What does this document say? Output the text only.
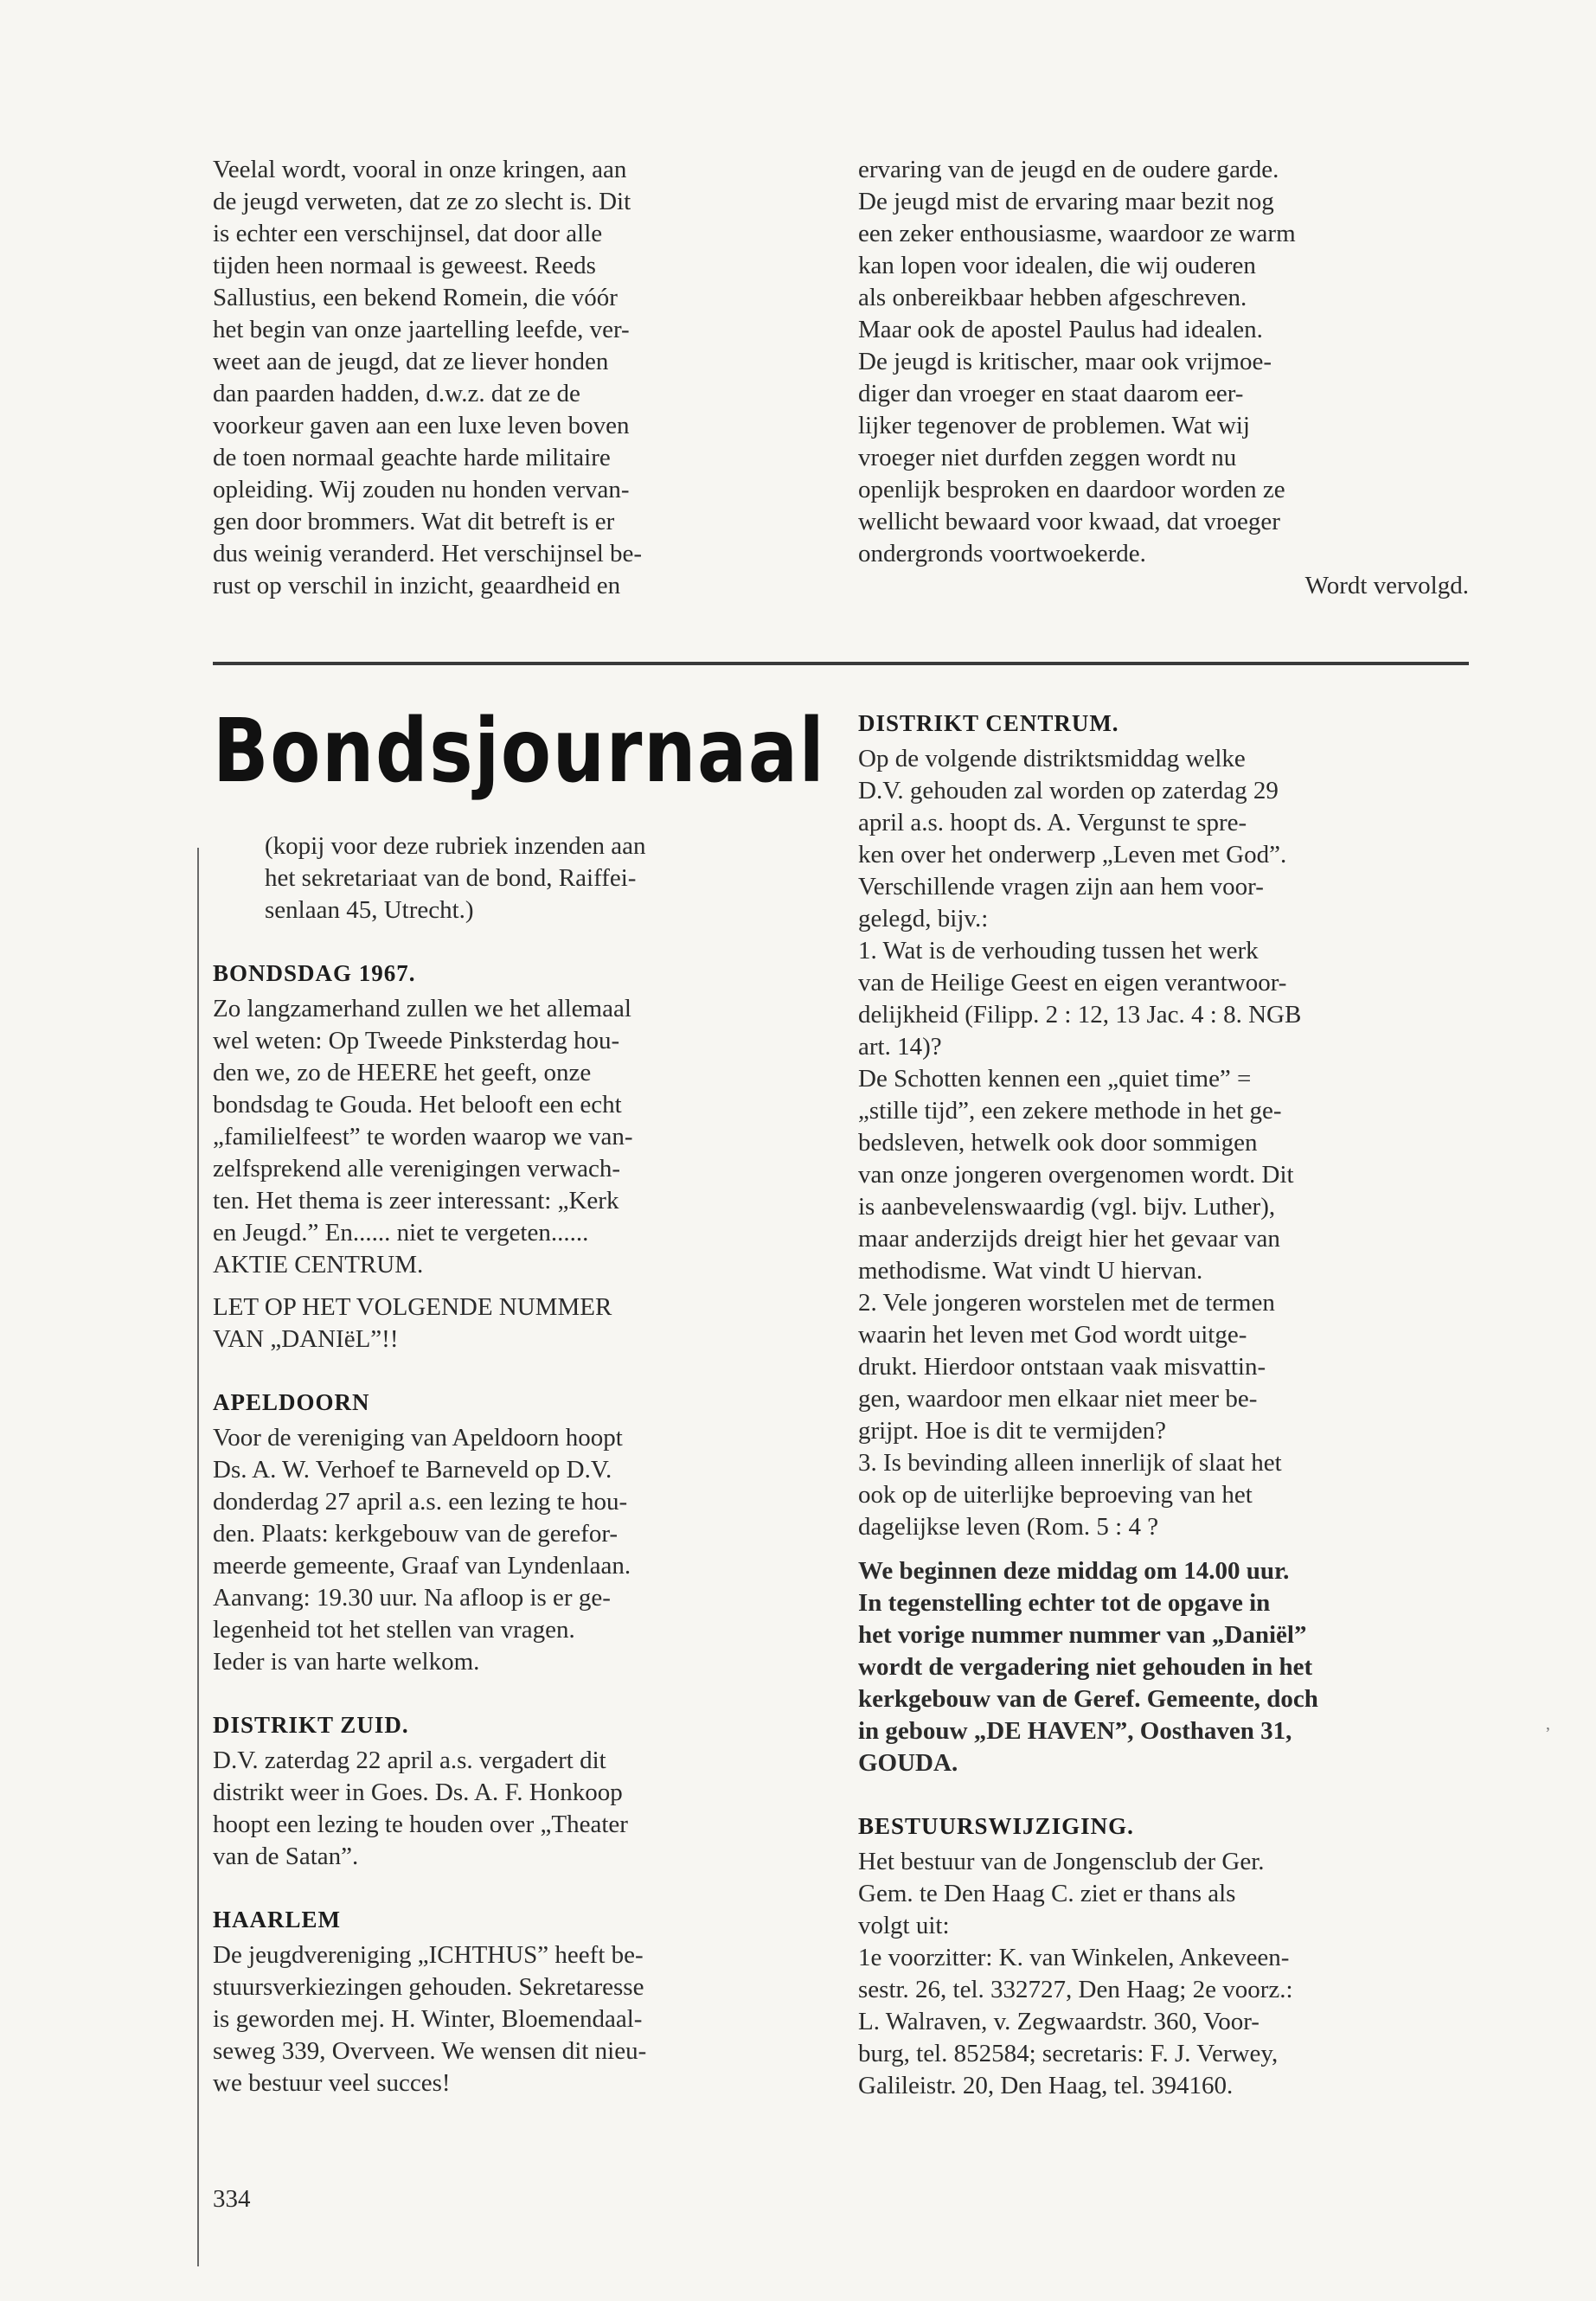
,

Veelal wordt, vooral in onze kringen, aan

de jeugd verweten, dat ze zo slecht is. Dit

is echter een verschijnsel, dat door alle

tijden heen normaal is geweest. Reeds

Sallustius, een bekend Romein, die vóór

het begin van onze jaartelling leefde, ver-

weet aan de jeugd, dat ze liever honden

dan paarden hadden, d.w.z. dat ze de

voorkeur gaven aan een luxe leven boven

de toen normaal geachte harde militaire

opleiding. Wij zouden nu honden vervan-

gen door brommers. Wat dit betreft is er

dus weinig veranderd. Het verschijnsel be-

rust op verschil in inzicht, geaardheid en

ervaring van de jeugd en de oudere garde.

De jeugd mist de ervaring maar bezit nog

een zeker enthousiasme, waardoor ze warm

kan lopen voor idealen, die wij ouderen

als onbereikbaar hebben afgeschreven.

Maar ook de apostel Paulus had idealen.

De jeugd is kritischer, maar ook vrijmoe-

diger dan vroeger en staat daarom eer-

lijker tegenover de problemen. Wat wij

vroeger niet durfden zeggen wordt nu

openlijk besproken en daardoor worden ze

wellicht bewaard voor kwaad, dat vroeger

ondergronds voortwoekerde.

Wordt vervolgd.

Bondsjournaal

(kopij voor deze rubriek inzenden aan

het sekretariaat van de bond, Raiffei-

senlaan 45, Utrecht.)

BONDSDAG 1967.

Zo langzamerhand zullen we het allemaal

wel weten: Op Tweede Pinksterdag hou-

den we, zo de HEERE het geeft, onze

bondsdag te Gouda. Het belooft een echt

„familielfeest” te worden waarop we van-

zelfsprekend alle verenigingen verwach-

ten. Het thema is zeer interessant: „Kerk

en Jeugd.” En...... niet te vergeten......

AKTIE CENTRUM.

LET OP HET VOLGENDE NUMMER

VAN „DANIëL”!!

APELDOORN

Voor de vereniging van Apeldoorn hoopt

Ds. A. W. Verhoef te Barneveld op D.V.

donderdag 27 april a.s. een lezing te hou-

den. Plaats: kerkgebouw van de gerefor-

meerde gemeente, Graaf van Lyndenlaan.

Aanvang: 19.30 uur. Na afloop is er ge-

legenheid tot het stellen van vragen.

Ieder is van harte welkom.

DISTRIKT ZUID.

D.V. zaterdag 22 april a.s. vergadert dit

distrikt weer in Goes. Ds. A. F. Honkoop

hoopt een lezing te houden over „Theater

van de Satan”.

HAARLEM

De jeugdvereniging „ICHTHUS” heeft be-

stuursverkiezingen gehouden. Sekretaresse

is geworden mej. H. Winter, Bloemendaal-

seweg 339, Overveen. We wensen dit nieu-

we bestuur veel succes!

DISTRIKT CENTRUM.

Op de volgende distriktsmiddag welke

D.V. gehouden zal worden op zaterdag 29

april a.s. hoopt ds. A. Vergunst te spre-

ken over het onderwerp „Leven met God”.

Verschillende vragen zijn aan hem voor-

gelegd, bijv.:

1. Wat is de verhouding tussen het werk

van de Heilige Geest en eigen verantwoor-

delijkheid (Filipp. 2 : 12, 13 Jac. 4 : 8. NGB

art. 14)?

De Schotten kennen een „quiet time” =

„stille tijd”, een zekere methode in het ge-

bedsleven, hetwelk ook door sommigen

van onze jongeren overgenomen wordt. Dit

is aanbevelenswaardig (vgl. bijv. Luther),

maar anderzijds dreigt hier het gevaar van

methodisme. Wat vindt U hiervan.

2. Vele jongeren worstelen met de termen

waarin het leven met God wordt uitge-

drukt. Hierdoor ontstaan vaak misvattin-

gen, waardoor men elkaar niet meer be-

grijpt. Hoe is dit te vermijden?

3. Is bevinding alleen innerlijk of slaat het

ook op de uiterlijke beproeving van het

dagelijkse leven (Rom. 5 : 4 ?

We beginnen deze middag om 14.00 uur.

In tegenstelling echter tot de opgave in

het vorige nummer nummer van „Daniël”

wordt de vergadering niet gehouden in het

kerkgebouw van de Geref. Gemeente, doch

in gebouw „DE HAVEN”, Oosthaven 31,

GOUDA.

BESTUURSWIJZIGING.

Het bestuur van de Jongensclub der Ger.

Gem. te Den Haag C. ziet er thans als

volgt uit:

1e voorzitter: K. van Winkelen, Ankeveen-

sestr. 26, tel. 332727, Den Haag; 2e voorz.:

L. Walraven, v. Zegwaardstr. 360, Voor-

burg, tel. 852584; secretaris: F. J. Verwey,

Galileistr. 20, Den Haag, tel. 394160.

334
